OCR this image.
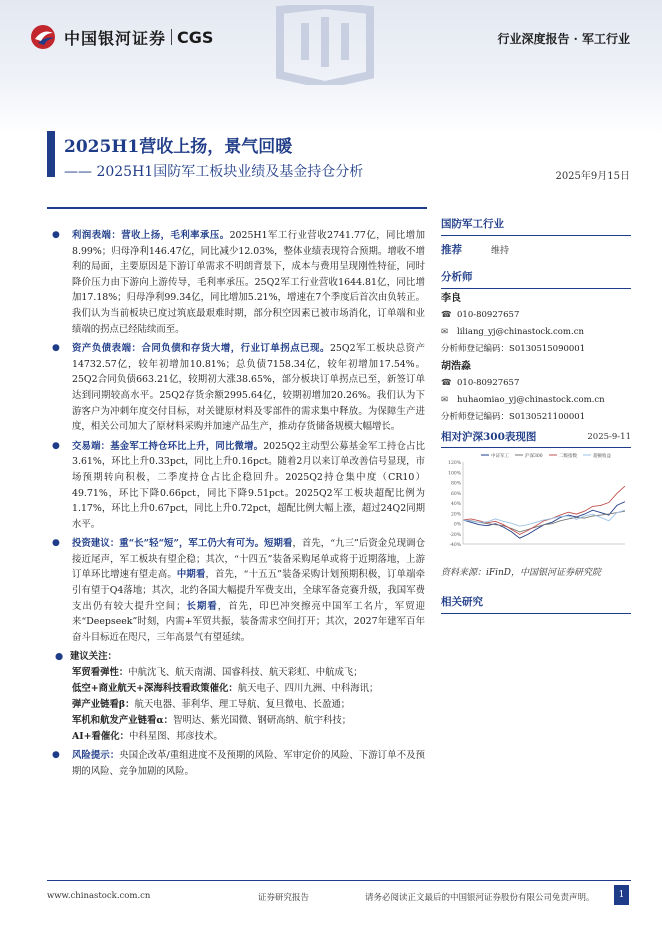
中国银河证券 CGS	行业深度报告 · 军工行业
2025H1营收上扬，景气回暖
—— 2025H1国防军工板块业绩及基金持仓分析	2025年9月15日
● 利润表端：营收上扬，毛利率承压。2025H1军工行业营收2741.77亿，同比增加8.99%；归母净利146.47亿，同比减少12.03%，整体业绩表现符合预期。增收不增利的局面，主要原因是下游订单需求不明朗背景下，成本与费用呈现刚性特征，同时降价压力由下游向上游传导，毛利率承压。25Q2军工行业营收1644.81亿，同比增加17.18%；归母净利99.34亿，同比增加5.21%，增速在7个季度后首次由负转正。我们认为当前板块已度过筑底最艰难时期，部分积空因素已被市场消化，订单端和业绩端的拐点已经陆续而至。
● 资产负债表端：合同负债和存货大增，行业订单拐点已现。25Q2军工板块总资产14732.57亿，较年初增加10.81%；总负债7158.34亿，较年初增加17.54%。25Q2合同负债663.21亿，较期初大涨38.65%，部分板块订单拐点已至，新签订单达到同期较高水平。25Q2存货余额2995.64亿，较期初增加20.26%。我们认为下游客户为冲刺年度交付目标，对关键原材料及零部件的需求集中释放。为保障生产进度，相关公司加大了原材料采购并加速产品生产，推动存货储备规模大幅增长。
● 交易端：基金军工持仓环比上升，同比微增。2025Q2主动型公募基金军工持仓占比3.61%，环比上升0.33pct，同比上升0.16pct。随着2月以来订单改善信号显现，市场预期转向积极，二季度持仓占比企稳回升。2025Q2持仓集中度（CR10）49.71%，环比下降0.66pct，同比下降9.51pct。2025Q2军工板块超配比例为1.17%，环比上升0.67pct，同比上升0.72pct，超配比例大幅上涨，超过24Q2同期水平。
● 投资建议：重“长”轻“短”，军工仍大有可为。短期看，首先，“九三”后资金兑现调仓接近尾声，军工板块有望企稳；其次，“十四五”装备采购尾单或将于近期落地，上游订单环比增速有望走高。中期看，首先，“十五五”装备采购计划预期积极，订单端牵引有望于Q4落地；其次，北约各国大幅提升军费支出，全球军备竞赛升级，我国军费支出仍有较大提升空间；长期看，首先，印巴冲突擦亮中国军工名片，军贸迎来“Deepseek”时刻，内需+军贸共振，装备需求空间打开；其次，2027年建军百年奋斗目标近在咫尺，三年高景气有望延续。
● 建议关注：
军贸看弹性：中航沈飞、航天南湖、国睿科技、航天彩虹、中航成飞；
低空+商业航天+深海科技看政策催化：航天电子、四川九洲、中科海讯；
弹产业链看β：航天电器、菲利华、理工导航、复旦微电、长盈通；
军机和航发产业链看α：智明达、紫光国微、钢研高纳、航宇科技；
AI+看催化：中科星图、邦彦技术。
● 风险提示：央国企改革/重组进度不及预期的风险、军审定价的风险、下游订单不及预期的风险、竞争加剧的风险。
国防军工行业
推荐	维持
分析师
李良
☎ 010-80927657
✉	liliang_yj@chinastock.com.cn
分析师登记编码：S0130515090001
胡浩淼
☎ 010-80927657
✉	huhaomiao_yj@chinastock.com.cn
分析师登记编码：S0130521100001
相对沪深300表现图	2025-9-11
120%
100%
80%
60%
40%
20%
0%
-20%
-40%
中证军工	沪深300	二级指数	超额收益
资料来源：iFinD，中国银河证券研究院
相关研究
www.chinastock.com.cn	证券研究报告	请务必阅读正文最后的中国银河证券股份有限公司免责声明。	1
